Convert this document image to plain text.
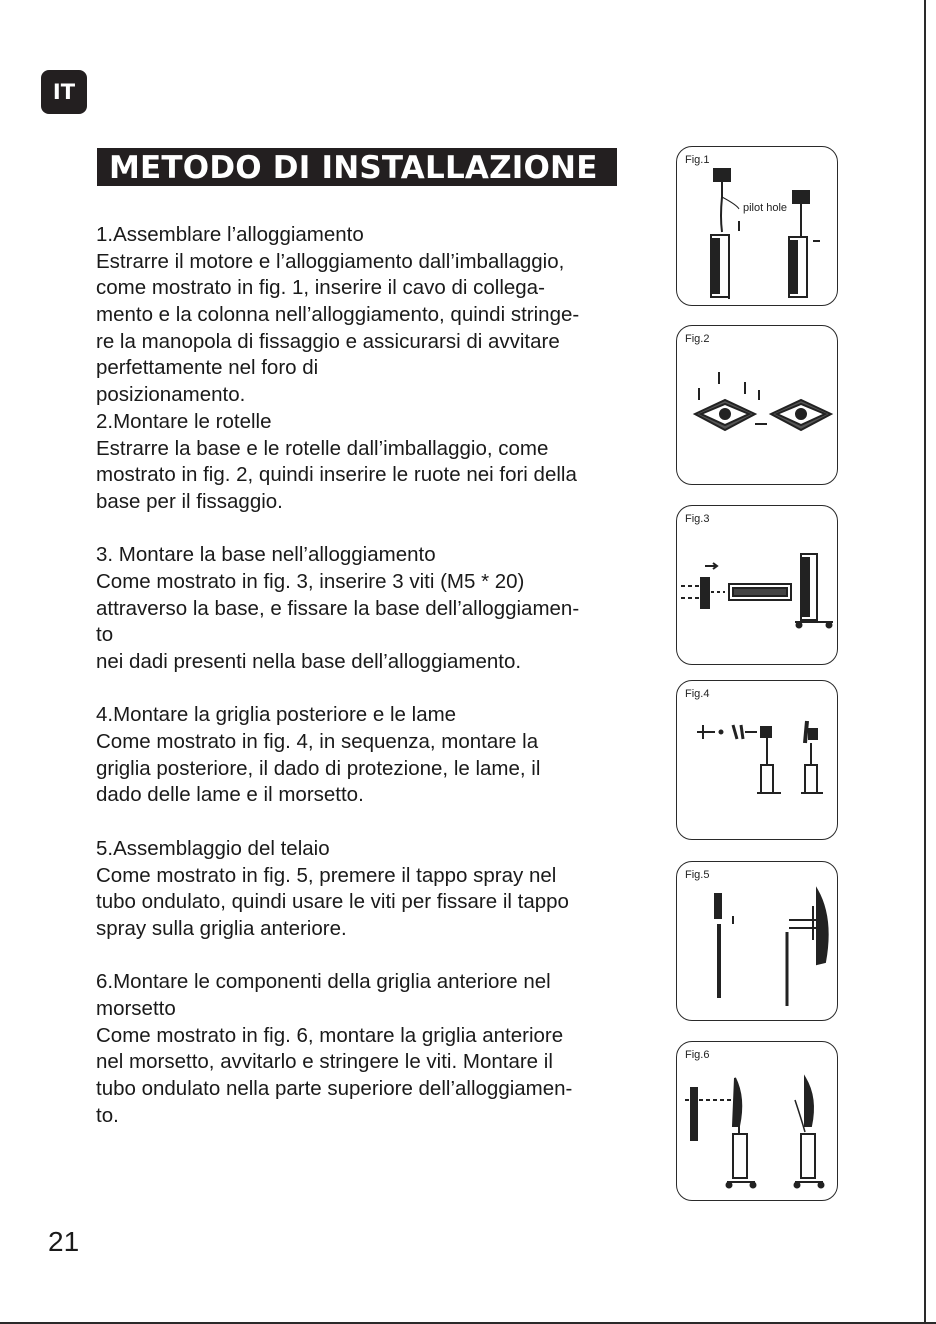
IT
METODO DI INSTALLAZIONE
1.Assemblare l’alloggiamento
Estrarre il motore e l’alloggiamento dall’imballaggio,
come mostrato in fig. 1, inserire il cavo di collega-
mento e la colonna nell’alloggiamento, quindi stringe-
re la manopola di fissaggio e assicurarsi di avvitare
perfettamente nel foro di
posizionamento.
2.Montare le rotelle
Estrarre la base e le rotelle dall’imballaggio, come
mostrato in fig. 2, quindi inserire le ruote nei fori della
base per il fissaggio.
3. Montare la base nell’alloggiamento
Come mostrato in fig. 3, inserire 3 viti (M5 * 20)
attraverso la base, e fissare la base dell’alloggiamen-
to
nei dadi presenti nella base dell’alloggiamento.
4.Montare la griglia posteriore e le lame
Come mostrato in fig. 4, in sequenza, montare la
griglia posteriore, il dado di protezione, le lame, il
dado delle lame e il morsetto.
5.Assemblaggio del telaio
Come mostrato in fig. 5, premere il tappo spray nel
tubo ondulato, quindi usare le viti per fissare il tappo
spray sulla griglia anteriore.
6.Montare le componenti della griglia anteriore nel
morsetto
Come mostrato in fig. 6, montare la griglia anteriore
nel morsetto, avvitarlo e stringere le viti. Montare il
tubo ondulato nella parte superiore dell’alloggiamen-
to.
Fig.1
pilot hole
Fig.2
Fig.3
Fig.4
Fig.5
Fig.6
21
